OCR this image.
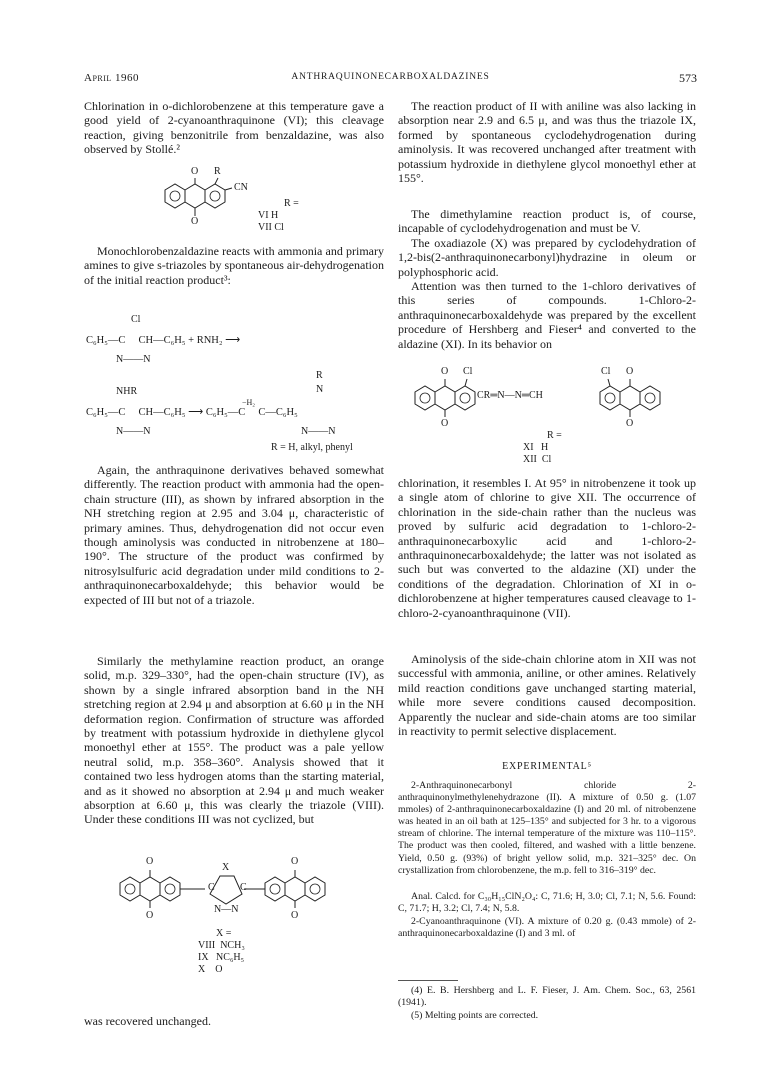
April 1960	ANTHRAQUINONECARBOXALDAZINES	573
Chlorination in o-dichlorobenzene at this temperature gave a good yield of 2-cyanoanthraquinone (VI); this cleavage reaction, giving benzonitrile from benzaldazine, was also observed by Stollé.²
O R
CN
O
R =
VI H
VII Cl
Monochlorobenzaldazine reacts with ammonia and primary amines to give s-triazoles by spontaneous air-dehydrogenation of the initial reaction product³:
Cl
C₆H₅—C     CH—C₆H₅ + RNH₂ ⟶
N——N
R
N
NHR
−H₂
C₆H₅—C     CH—C₆H₅ ⟶ C₆H₅—C     C—C₆H₅
N——N	N——N
R = H, alkyl, phenyl
Again, the anthraquinone derivatives behaved somewhat differently. The reaction product with ammonia had the open-chain structure (III), as shown by infrared absorption in the NH stretching region at 2.95 and 3.04 μ, characteristic of primary amines. Thus, dehydrogenation did not occur even though aminolysis was conducted in nitrobenzene at 180–190°. The structure of the product was confirmed by nitrosylsulfuric acid degradation under mild conditions to 2-anthraquinonecarboxaldehyde; this behavior would be expected of III but not of a triazole.
Similarly the methylamine reaction product, an orange solid, m.p. 329–330°, had the open-chain structure (IV), as shown by a single infrared absorption band in the NH stretching region at 2.94 μ and absorption at 6.60 μ in the NH deformation region. Confirmation of structure was afforded by treatment with potassium hydroxide in diethylene glycol monoethyl ether at 155°. The product was a pale yellow neutral solid, m.p. 358–360°. Analysis showed that it contained two less hydrogen atoms than the starting material, and as it showed no absorption at 2.94 μ and much weaker absorption at 6.60 μ, this was clearly the triazole (VIII). Under these conditions III was not cyclized, but
O	O
X
C	C
N—N
O	O
X =
VIII  NCH₃
IX   NC₆H₅
X    O
was recovered unchanged.
The reaction product of II with aniline was also lacking in absorption near 2.9 and 6.5 μ, and was thus the triazole IX, formed by spontaneous cyclodehydrogenation during aminolysis. It was recovered unchanged after treatment with potassium hydroxide in diethylene glycol monoethyl ether at 155°.
The dimethylamine reaction product is, of course, incapable of cyclodehydrogenation and must be V.
The oxadiazole (X) was prepared by cyclodehydration of 1,2-bis(2-anthraquinonecarbonyl)hydrazine in oleum or polyphosphoric acid.
Attention was then turned to the 1-chloro derivatives of this series of compounds. 1-Chloro-2-anthraquinonecarboxaldehyde was prepared by the excellent procedure of Hershberg and Fieser⁴ and converted to the aldazine (XI). In its behavior on
O Cl	Cl O
CR═N—N═CH
O	O
R =
XI   H
XII  Cl
chlorination, it resembles I. At 95° in nitrobenzene it took up a single atom of chlorine to give XII. The occurrence of chlorination in the side-chain rather than the nucleus was proved by sulfuric acid degradation to 1-chloro-2-anthraquinonecarboxylic acid and 1-chloro-2-anthraquinonecarboxaldehyde; the latter was not isolated as such but was converted to the aldazine (XI) under the conditions of the degradation. Chlorination of XI in o-dichlorobenzene at higher temperatures caused cleavage to 1-chloro-2-cyanoanthraquinone (VII).
Aminolysis of the side-chain chlorine atom in XII was not successful with ammonia, aniline, or other amines. Relatively mild reaction conditions gave unchanged starting material, while more severe conditions caused decomposition. Apparently the nuclear and side-chain atoms are too similar in reactivity to permit selective displacement.
EXPERIMENTAL⁵
2-Anthraquinonecarbonyl chloride 2-anthraquinonylmethylenehydrazone (II). A mixture of 0.50 g. (1.07 mmoles) of 2-anthraquinonecarboxaldazine (I) and 20 ml. of nitrobenzene was heated in an oil bath at 125–135° and subjected for 3 hr. to a vigorous stream of chlorine. The internal temperature of the mixture was 110–115°. The product was then cooled, filtered, and washed with a little benzene. Yield, 0.50 g. (93%) of bright yellow solid, m.p. 321–325° dec. On crystallization from chlorobenzene, the m.p. fell to 316–319° dec.
Anal. Calcd. for C₃₀H₁₅ClN₂O₄: C, 71.6; H, 3.0; Cl, 7.1; N, 5.6. Found: C, 71.7; H, 3.2; Cl, 7.4; N, 5.8.
2-Cyanoanthraquinone (VI). A mixture of 0.20 g. (0.43 mmole) of 2-anthraquinonecarboxaldazine (I) and 3 ml. of
(4) E. B. Hershberg and L. F. Fieser, J. Am. Chem. Soc., 63, 2561 (1941).
(5) Melting points are corrected.
